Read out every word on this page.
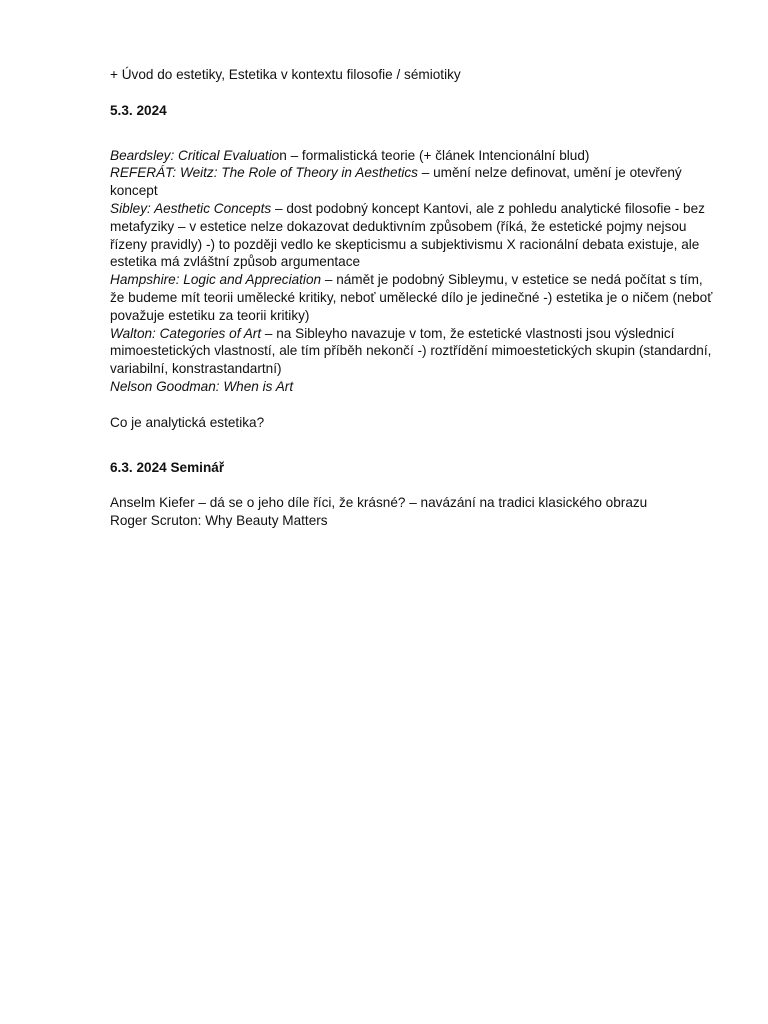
+ Úvod do estetiky, Estetika v kontextu filosofie / sémiotiky

5.3. 2024

Beardsley: Critical Evaluation – formalistická teorie (+ článek Intencionální blud)

REFERÁT: Weitz: The Role of Theory in Aesthetics – umění nelze definovat, umění je otevřený koncept

Sibley: Aesthetic Concepts – dost podobný koncept Kantovi, ale z pohledu analytické filosofie - bez metafyziky – v estetice nelze dokazovat deduktivním způsobem (říká, že estetické pojmy nejsou řízeny pravidly) -) to později vedlo ke skepticismu a subjektivismu X racionální debata existuje, ale estetika má zvláštní způsob argumentace

Hampshire: Logic and Appreciation – námět je podobný Sibleymu, v estetice se nedá počítat s tím, že budeme mít teorii umělecké kritiky, neboť umělecké dílo je jedinečné -) estetika je o ničem (neboť považuje estetiku za teorii kritiky)

Walton: Categories of Art – na Sibleyho navazuje v tom, že estetické vlastnosti jsou výslednicí mimoestetických vlastností, ale tím příběh nekončí -) roztřídění mimoestetických skupin (standardní, variabilní, konstrastandartní)

Nelson Goodman: When is Art

Co je analytická estetika?

6.3. 2024 Seminář

Anselm Kiefer – dá se o jeho díle říci, že krásné? – navázání na tradici klasického obrazu

Roger Scruton: Why Beauty Matters
